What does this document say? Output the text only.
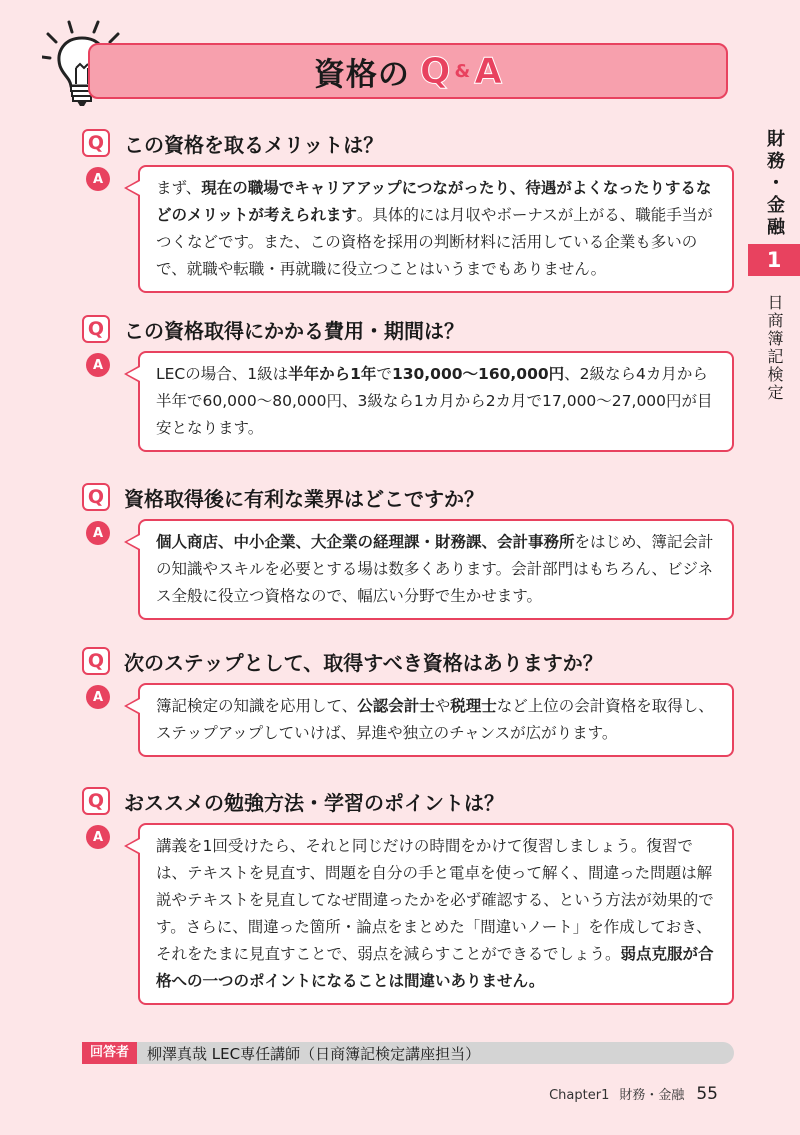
資格の Q & A
Q この資格を取るメリットは？
A	まず、現在の職場でキャリアアップにつながったり、待遇がよくなったりするなどのメリットが考えられます。具体的には月収やボーナスが上がる、職能手当がつくなどです。また、この資格を採用の判断材料に活用している企業も多いので、就職や転職・再就職に役立つことはいうまでもありません。
Q この資格取得にかかる費用・期間は？
A	LECの場合、1級は半年から1年で130,000～160,000円、2級なら4カ月から半年で60,000～80,000円、3級なら1カ月から2カ月で17,000～27,000円が目安となります。
Q 資格取得後に有利な業界はどこですか？
A	個人商店、中小企業、大企業の経理課・財務課、会計事務所をはじめ、簿記会計の知識やスキルを必要とする場は数多くあります。会計部門はもちろん、ビジネス全般に役立つ資格なので、幅広い分野で生かせます。
Q 次のステップとして、取得すべき資格はありますか？
A	簿記検定の知識を応用して、公認会計士や税理士など上位の会計資格を取得し、ステップアップしていけば、昇進や独立のチャンスが広がります。
Q おススメの勉強方法・学習のポイントは？
A	講義を1回受けたら、それと同じだけの時間をかけて復習しましょう。復習では、テキストを見直す、問題を自分の手と電卓を使って解く、間違った問題は解説やテキストを見直してなぜ間違ったかを必ず確認する、という方法が効果的です。さらに、間違った箇所・論点をまとめた「間違いノート」を作成しておき、それをたまに見直すことで、弱点を減らすことができるでしょう。弱点克服が合格への一つのポイントになることは間違いありません。
財務・金融
1
日商簿記検定
回答者	柳澤真哉 LEC専任講師（日商簿記検定講座担当）
Chapter1 財務・金融 55
